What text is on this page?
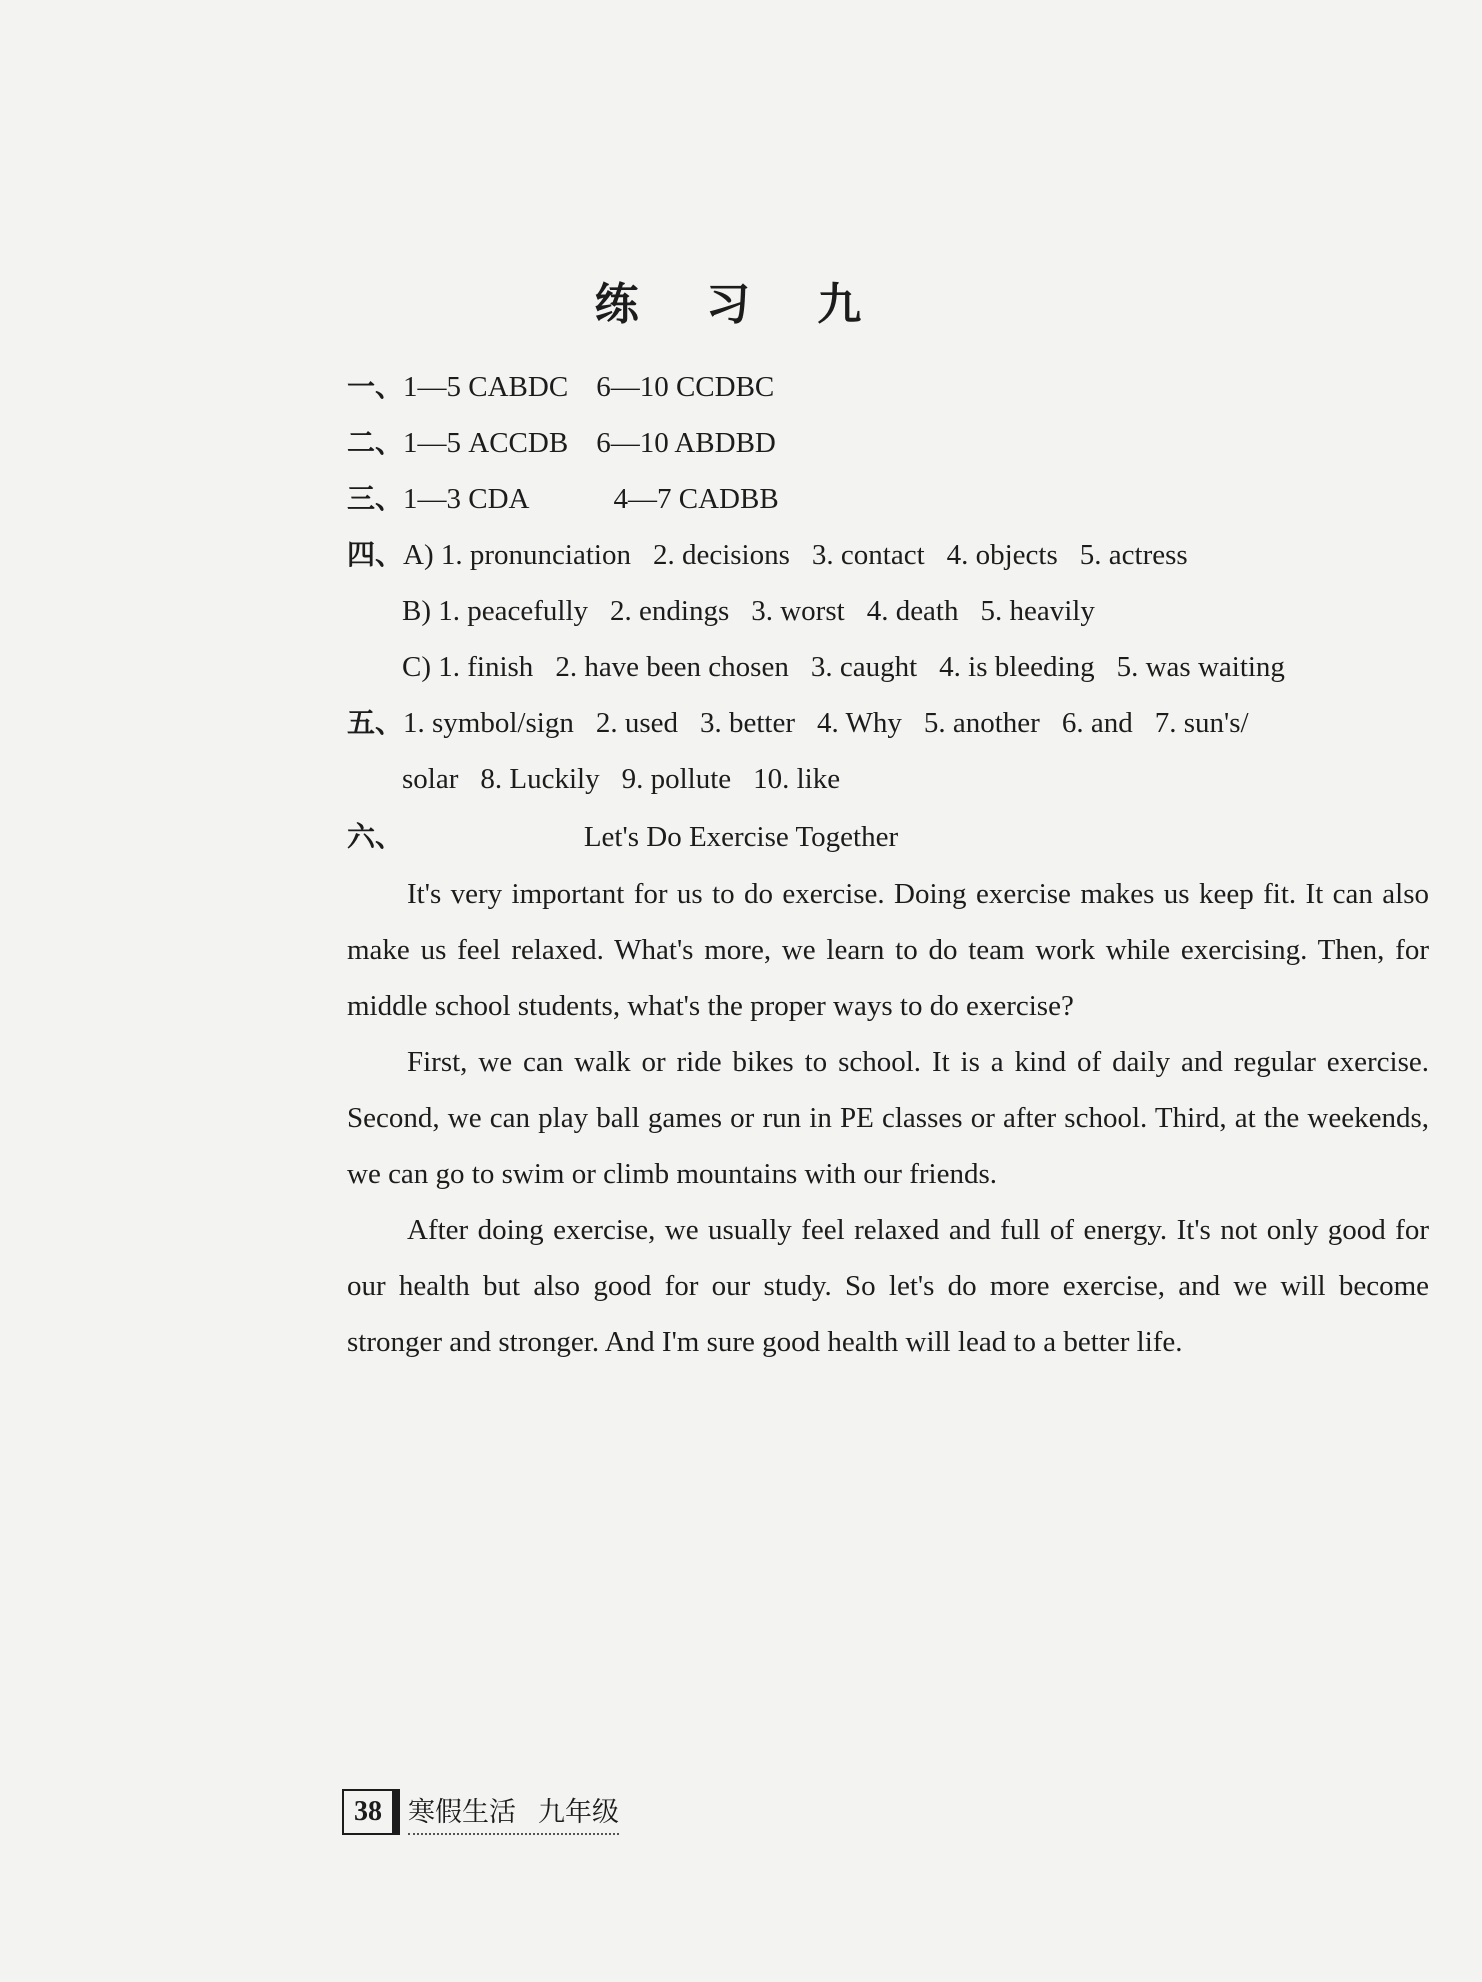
练 习 九
一、1—5 CABDC 6—10 CCDBC
二、1—5 ACCDB 6—10 ABDBD
三、1—3 CDA	4—7 CADBB
四、A) 1. pronunciation 2. decisions 3. contact 4. objects 5. actress
B) 1. peacefully 2. endings 3. worst 4. death 5. heavily
C) 1. finish 2. have been chosen 3. caught 4. is bleeding 5. was waiting
五、1. symbol/sign 2. used 3. better 4. Why 5. another 6. and 7. sun's/
solar 8. Luckily 9. pollute 10. like
六、	Let's Do Exercise Together
It's very important for us to do exercise. Doing exercise makes us keep fit. It can also make us feel relaxed. What's more, we learn to do team work while exercising. Then, for middle school students, what's the proper ways to do exercise?
First, we can walk or ride bikes to school. It is a kind of daily and regular exercise. Second, we can play ball games or run in PE classes or after school. Third, at the weekends, we can go to swim or climb mountains with our friends.
After doing exercise, we usually feel relaxed and full of energy. It's not only good for our health but also good for our study. So let's do more exercise, and we will become stronger and stronger. And I'm sure good health will lead to a better life.
38 寒假生活 九年级
